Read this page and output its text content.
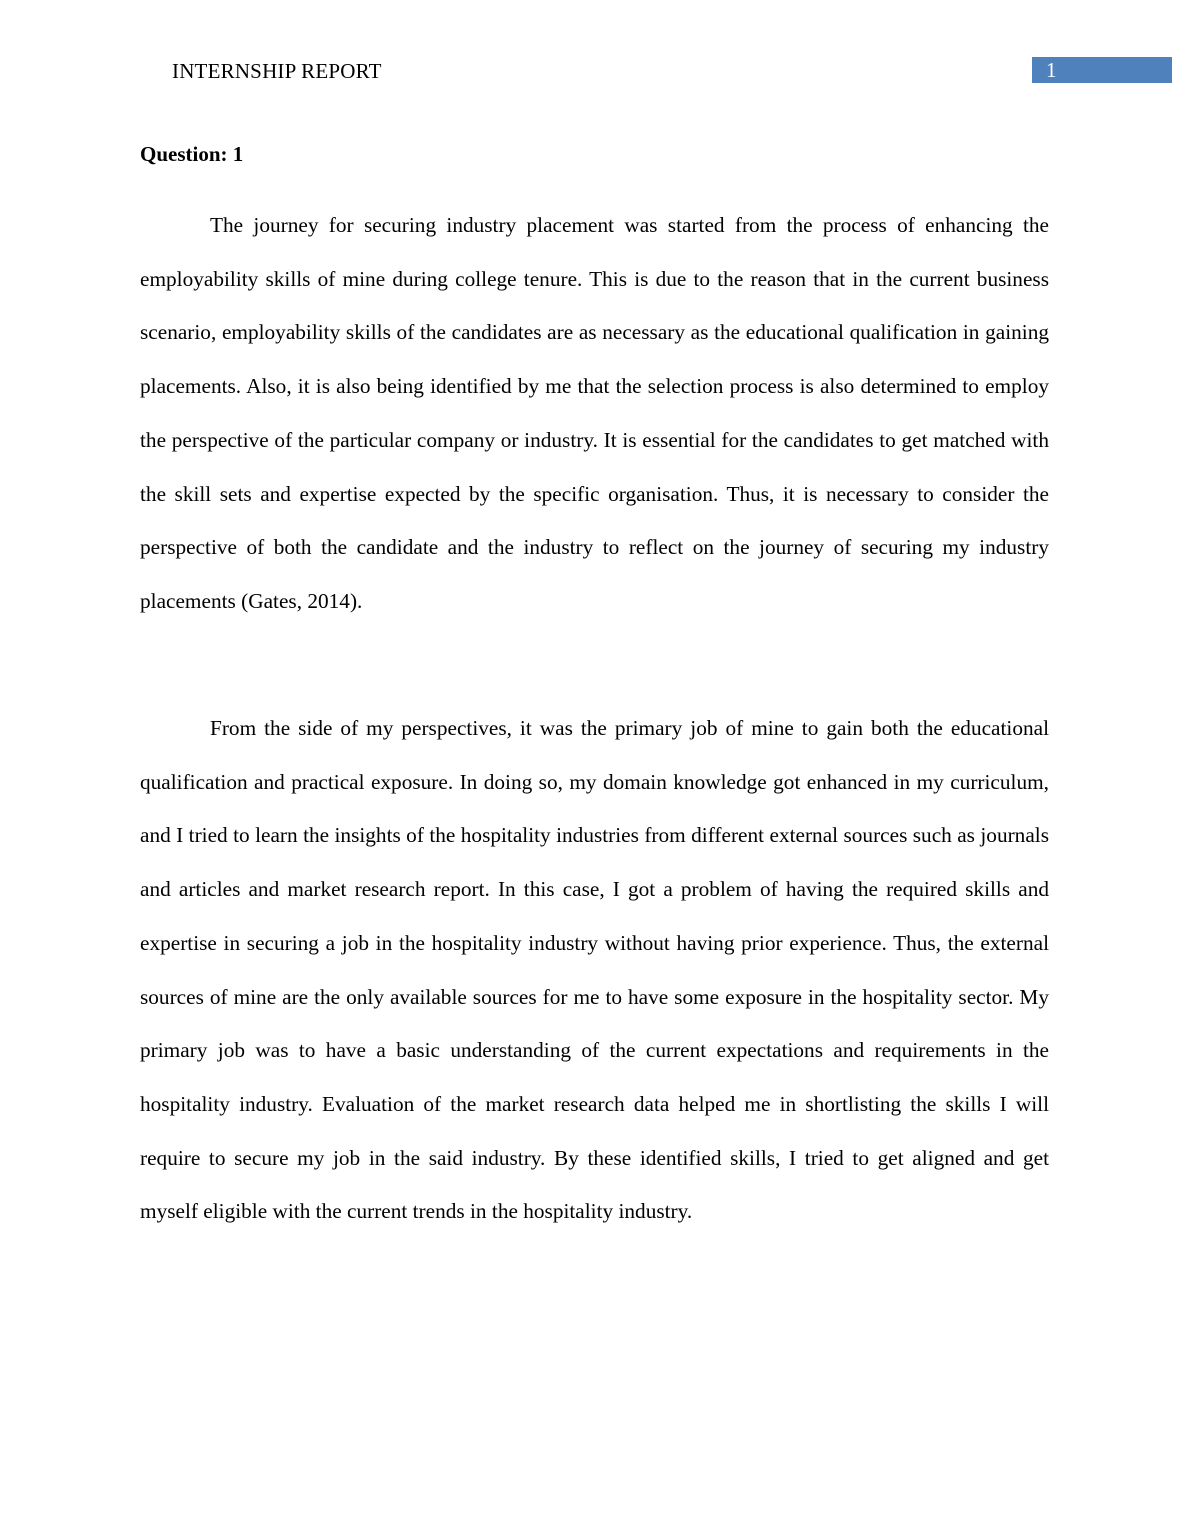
INTERNSHIP REPORT	1
Question: 1

The journey for securing industry placement was started from the process of enhancing the employability skills of mine during college tenure. This is due to the reason that in the current business scenario, employability skills of the candidates are as necessary as the educational qualification in gaining placements. Also, it is also being identified by me that the selection process is also determined to employ the perspective of the particular company or industry. It is essential for the candidates to get matched with the skill sets and expertise expected by the specific organisation. Thus, it is necessary to consider the perspective of both the candidate and the industry to reflect on the journey of securing my industry placements (Gates, 2014).

From the side of my perspectives, it was the primary job of mine to gain both the educational qualification and practical exposure. In doing so, my domain knowledge got enhanced in my curriculum, and I tried to learn the insights of the hospitality industries from different external sources such as journals and articles and market research report. In this case, I got a problem of having the required skills and expertise in securing a job in the hospitality industry without having prior experience. Thus, the external sources of mine are the only available sources for me to have some exposure in the hospitality sector. My primary job was to have a basic understanding of the current expectations and requirements in the hospitality industry. Evaluation of the market research data helped me in shortlisting the skills I will require to secure my job in the said industry. By these identified skills, I tried to get aligned and get myself eligible with the current trends in the hospitality industry.
